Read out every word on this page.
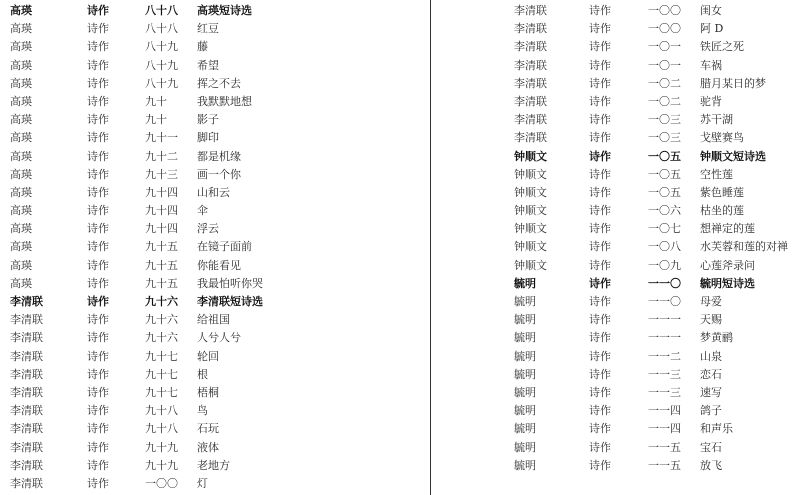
高瑛	诗作	八十八 高瑛短诗选
高瑛	诗作	八十八 红豆
高瑛	诗作	八十九 藤
高瑛	诗作	八十九 希望
高瑛	诗作	八十九 挥之不去
高瑛	诗作	九十	我默默地想
高瑛	诗作	九十	影子
高瑛	诗作	九十一 脚印
高瑛	诗作	九十二 都是机缘
高瑛	诗作	九十三 画一个你
高瑛	诗作	九十四 山和云
高瑛	诗作	九十四 伞
高瑛	诗作	九十四 浮云
高瑛	诗作	九十五 在镜子面前
高瑛	诗作	九十五 你能看见
高瑛	诗作	九十五 我最怕听你哭
李清联	诗作	九十六 李清联短诗选
李清联	诗作	九十六 给祖国
李清联	诗作	九十六 人兮人兮
李清联	诗作	九十七 轮回
李清联	诗作	九十七 根
李清联	诗作	九十七 梧桐
李清联	诗作	九十八 鸟
李清联	诗作	九十八 石玩
李清联	诗作	九十九 液体
李清联	诗作	九十九 老地方
李清联	诗作	一〇〇 灯
李清联	诗作	一〇〇 闺女
李清联	诗作	一〇〇 阿 D
李清联	诗作	一〇一 铁匠之死
李清联	诗作	一〇一 车祸
李清联	诗作	一〇二 腊月某日的梦
李清联	诗作	一〇二 驼背
李清联	诗作	一〇三 苏干湖
李清联	诗作	一〇三 戈壁赛鸟
钟顺文	诗作	一〇五 钟顺文短诗选
钟顺文	诗作	一〇五 空性莲
钟顺文	诗作	一〇五 紫色睡莲
钟顺文	诗作	一〇六 枯坐的莲
钟顺文	诗作	一〇七 想禅定的莲
钟顺文	诗作	一〇八 水芙蓉和莲的对禅
钟顺文	诗作	一〇九 心莲斧录问
毓明	诗作	一一〇 毓明短诗选
毓明	诗作	一一〇 母爱
毓明	诗作	一一一 天赐
毓明	诗作	一一一 梦黄鹂
毓明	诗作	一一二 山泉
毓明	诗作	一一三 恋石
毓明	诗作	一一三 速写
毓明	诗作	一一四 鸽子
毓明	诗作	一一四 和声乐
毓明	诗作	一一五 宝石
毓明	诗作	一一五 放飞
